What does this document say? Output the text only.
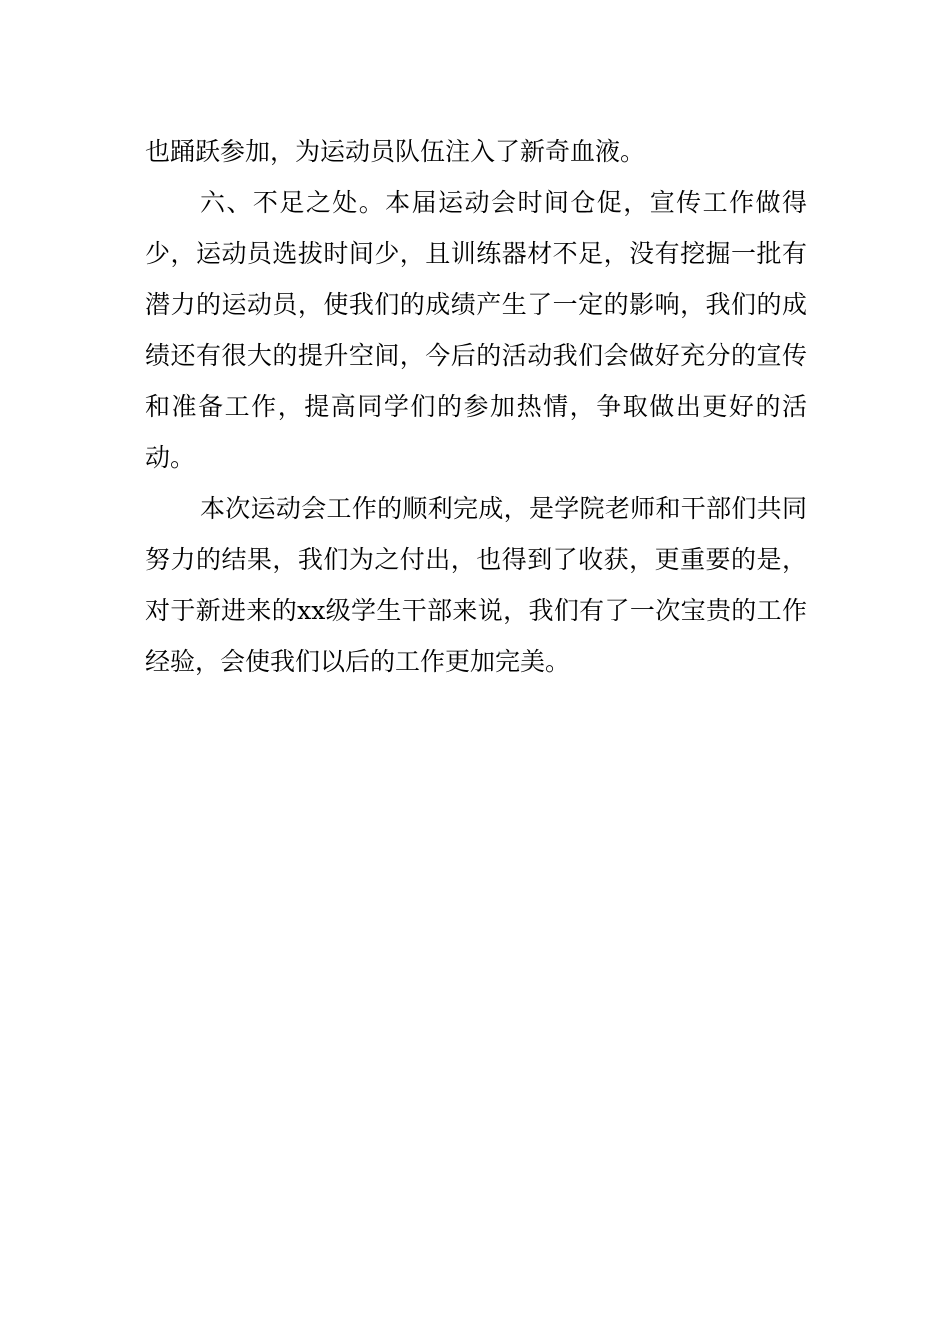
也踊跃参加，为运动员队伍注入了新奇血液。

六、不足之处。本届运动会时间仓促，宣传工作做得少，运动员选拔时间少，且训练器材不足，没有挖掘一批有潜力的运动员，使我们的成绩产生了一定的影响，我们的成绩还有很大的提升空间，今后的活动我们会做好充分的宣传和准备工作，提高同学们的参加热情，争取做出更好的活动。

本次运动会工作的顺利完成，是学院老师和干部们共同努力的结果，我们为之付出，也得到了收获，更重要的是，对于新进来的xx级学生干部来说，我们有了一次宝贵的工作经验，会使我们以后的工作更加完美。
